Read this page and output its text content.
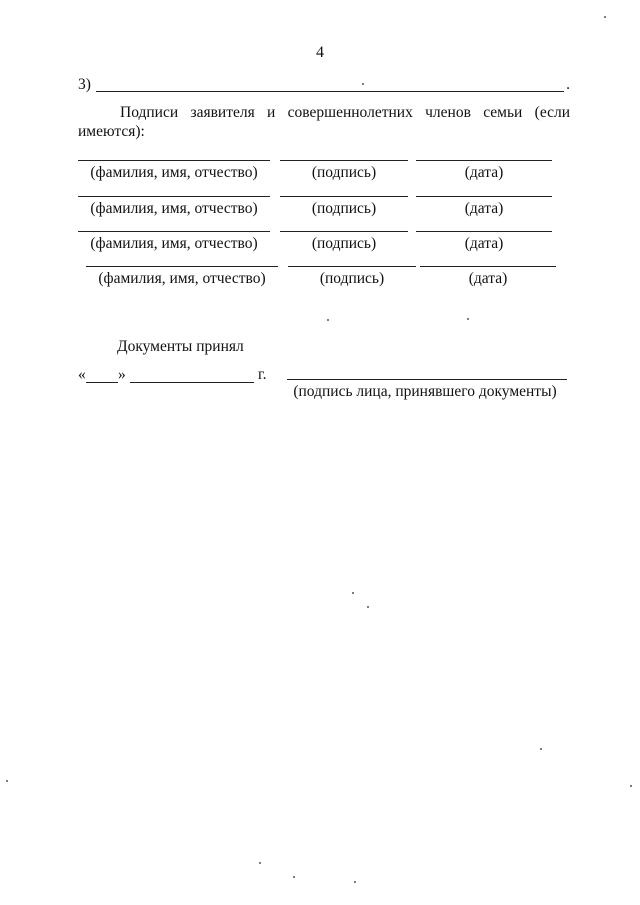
4
3)	.
Подписи заявителя и совершеннолетних членов семьи (если имеются):
(фамилия, имя, отчество)	(подпись)	(дата)
(фамилия, имя, отчество)	(подпись)	(дата)
(фамилия, имя, отчество)	(подпись)	(дата)
(фамилия, имя, отчество)	(подпись)	(дата)
Документы принял
« »	г.
(подпись лица, принявшего документы)
